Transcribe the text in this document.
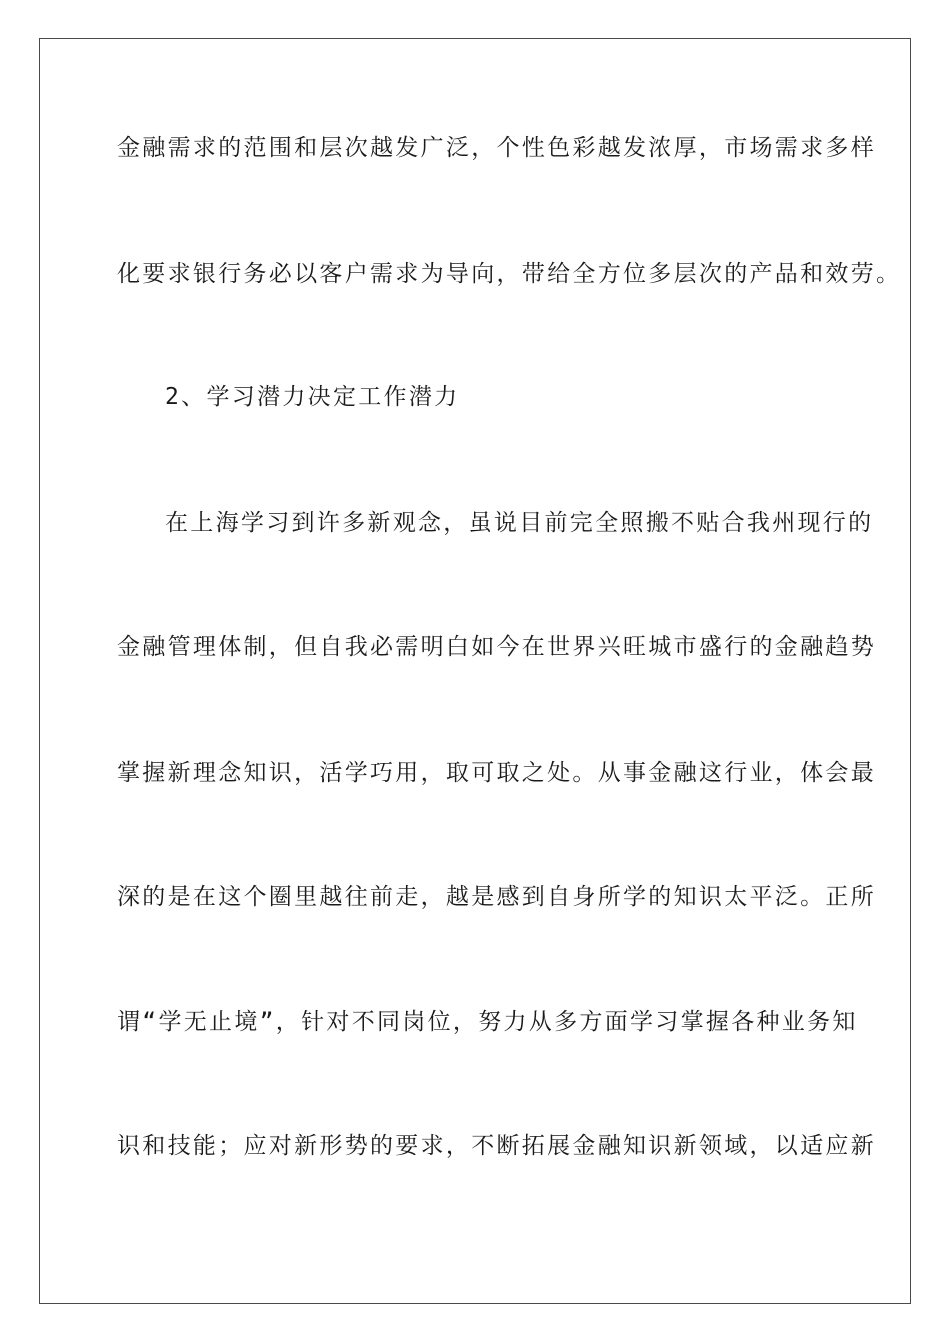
金融需求的范围和层次越发广泛，个性色彩越发浓厚，市场需求多样

化要求银行务必以客户需求为导向，带给全方位多层次的产品和效劳。

2、学习潜力决定工作潜力

在上海学习到许多新观念，虽说目前完全照搬不贴合我州现行的

金融管理体制，但自我必需明白如今在世界兴旺城市盛行的金融趋势

掌握新理念知识，活学巧用，取可取之处。从事金融这行业，体会最

深的是在这个圈里越往前走，越是感到自身所学的知识太平泛。正所

谓“学无止境”，针对不同岗位，努力从多方面学习掌握各种业务知

识和技能；应对新形势的要求，不断拓展金融知识新领域，以适应新
